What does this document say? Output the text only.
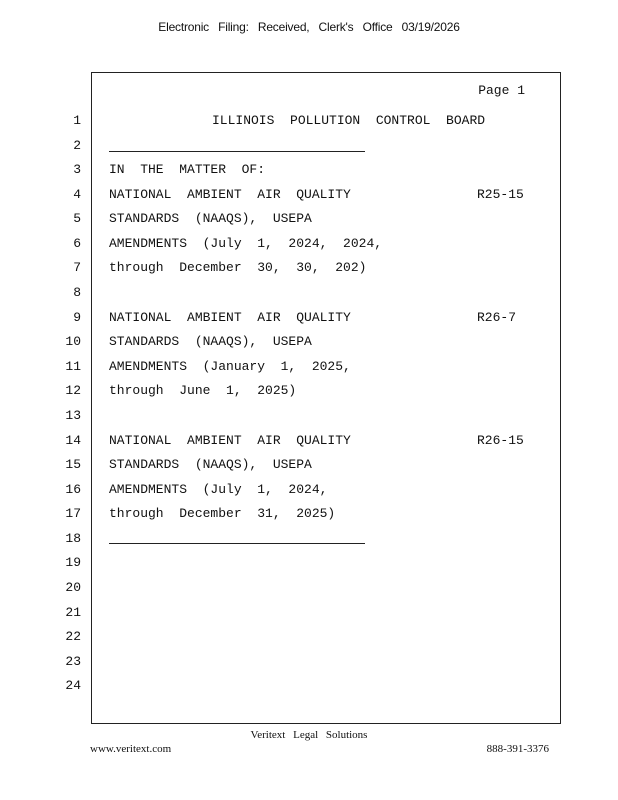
Electronic Filing: Received, Clerk's Office 03/19/2026
Page 1
1
2
3
4
5
6
7
8
9
10
11
12
13
14
15
16
17
18
19
20
21
22
23
24
ILLINOIS  POLLUTION  CONTROL  BOARD
IN  THE  MATTER  OF:
NATIONAL  AMBIENT  AIR  QUALITY	R25-15
STANDARDS  (NAAQS),  USEPA
AMENDMENTS  (July  1,  2024,  2024,
through  December  30,  30,  202)
NATIONAL  AMBIENT  AIR  QUALITY	R26-7
STANDARDS  (NAAQS),  USEPA
AMENDMENTS  (January  1,  2025,
through  June  1,  2025)
NATIONAL  AMBIENT  AIR  QUALITY	R26-15
STANDARDS  (NAAQS),  USEPA
AMENDMENTS  (July  1,  2024,
through  December  31,  2025)
Veritext Legal Solutions
www.veritext.com	888-391-3376
